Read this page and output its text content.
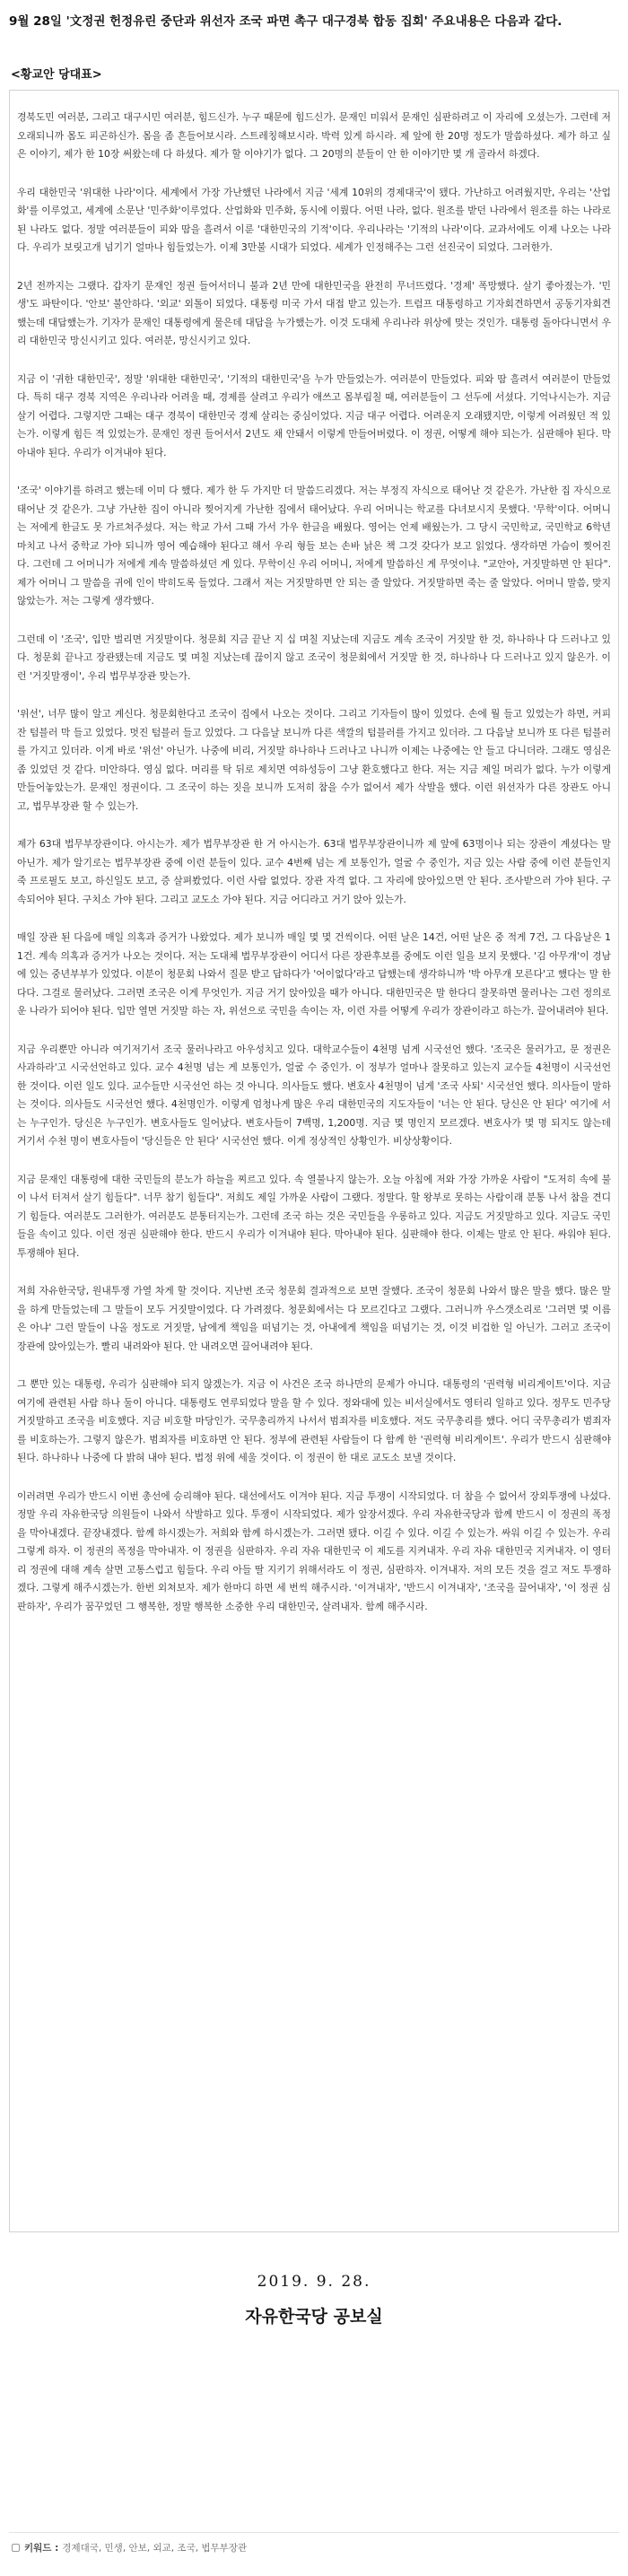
9월 28일 '文정권 헌정유린 중단과 위선자 조국 파면 촉구 대구경북 합동 집회' 주요내용은 다음과 같다.
<황교안 당대표>

경북도민 여러분, 그리고 대구시민 여러분, 힘드신가. 누구 때문에 힘드신가. 문재인 미워서 문재인 심판하려고 이 자리에 오셨는가. 그런데 저 오래되니까 몸도 피곤하신가. 몸을 좀 흔들어보시라. 스트레칭해보시라. 박력 있게 하시라. 제 앞에 한 20명 정도가 말씀하셨다. 제가 하고 싶은 이야기, 제가 한 10장 써왔는데 다 하셨다. 제가 할 이야기가 없다. 그 20명의 분들이 안 한 이야기만 몇 개 골라서 하겠다.

우리 대한민국 '위대한 나라'이다. 세계에서 가장 가난했던 나라에서 지금 '세계 10위의 경제대국'이 됐다. 가난하고 어려웠지만, 우리는 '산업화'를 이루었고, 세계에 소문난 '민주화'이루었다. 산업화와 민주화, 동시에 이뤘다. 어떤 나라, 없다. 원조를 받던 나라에서 원조를 하는 나라로 된 나라도 없다. 정말 여러분들이 피와 땀을 흘려서 이룬 '대한민국의 기적'이다. 우리나라는 '기적의 나라'이다. 교과서에도 이제 나오는 나라다. 우리가 보릿고개 넘기기 얼마나 힘들었는가. 이제 3만불 시대가 되었다. 세계가 인정해주는 그런 선진국이 되었다. 그러한가.

2년 전까지는 그랬다. 갑자기 문재인 정권 들어서더니 불과 2년 만에 대한민국을 완전히 무너뜨렸다. '경제' 폭망했다. 살기 좋아졌는가. '민생'도 파탄이다. '안보' 불안하다. '외교' 외톨이 되었다. 대통령 미국 가서 대접 받고 있는가. 트럼프 대통령하고 기자회견하면서 공동기자회견 했는데 대답했는가. 기자가 문재인 대통령에게 물은데 대답을 누가했는가. 이것 도대체 우리나라 위상에 맞는 것인가. 대통령 돌아다니면서 우리 대한민국 망신시키고 있다. 여러분, 망신시키고 있다.

지금 이 '귀한 대한민국', 정말 '위대한 대한민국', '기적의 대한민국'을 누가 만들었는가. 여러분이 만들었다. 피와 땀 흘려서 여러분이 만들었다. 특히 대구 경북 지역은 우리나라 어려울 때, 경제를 살려고 우리가 애쓰고 몸부림칠 때, 여러분들이 그 선두에 서셨다. 기억나시는가. 지금 살기 어렵다. 그렇지만 그때는 대구 경북이 대한민국 경제 살리는 중심이었다. 지금 대구 어렵다. 어려운지 오래됐지만, 이렇게 어려웠던 적 있는가. 이렇게 힘든 적 있었는가. 문재인 정권 들어서서 2년도 채 안돼서 이렇게 만들어버렸다. 이 정권, 어떻게 해야 되는가. 심판해야 된다. 막아내야 된다. 우리가 이겨내야 된다.

'조국' 이야기를 하려고 했는데 이미 다 했다. 제가 한 두 가지만 더 말씀드리겠다. 저는 부정직 자식으로 태어난 것 같은가. 가난한 집 자식으로 태어난 것 같은가. 그냥 가난한 집이 아니라 찢어지게 가난한 집에서 태어났다. 우리 어머니는 학교를 다녀보시지 못했다. '무학'이다. 어머니는 저에게 한글도 못 가르쳐주셨다. 저는 학교 가서 그때 가서 가우 한글을 배웠다. 영어는 언제 배웠는가. 그 당시 국민학교, 국민학교 6학년 마치고 나서 중학교 가야 되니까 영어 예습해야 된다고 해서 우리 형들 보는 손바 낡은 책 그것 갖다가 보고 읽었다. 생각하면 가슴이 찢어진다. 그런데 그 어머니가 저에게 계속 말씀하셨던 게 있다. 무학이신 우리 어머니, 저에게 말씀하신 게 무엇이냐. "교안아, 거짓말하면 안 된다". 제가 어머니 그 말씀을 귀에 인이 박히도록 들었다. 그래서 저는 거짓말하면 안 되는 줄 알았다. 거짓말하면 죽는 줄 알았다. 어머니 말씀, 맞지 않았는가. 저는 그렇게 생각했다.

그런데 이 '조국', 입만 벌리면 거짓말이다. 청문회 지금 끝난 지 십 며칠 지났는데 지금도 계속 조국이 거짓말 한 것, 하나하나 다 드러나고 있다. 청문회 끝나고 장관됐는데 지금도 몇 며칠 지났는데 끊이지 않고 조국이 청문회에서 거짓말 한 것, 하나하나 다 드러나고 있지 않은가. 이런 '거짓말쟁이', 우리 법무부장관 맞는가.

'위선', 너무 많이 알고 계신다. 청문회한다고 조국이 집에서 나오는 것이다. 그리고 기자들이 많이 있었다. 손에 뭘 들고 있었는가 하면, 커피 잔 텀블러 막 들고 있었다. 멋진 텀블러 들고 있었다. 그 다음날 보니까 다른 색깔의 텀블러를 가지고 있더라. 그 다음날 보니까 또 다른 텀블러를 가지고 있더라. 이게 바로 '위선' 아닌가. 나중에 비리, 거짓말 하나하나 드러나고 나니까 이제는 나중에는 안 들고 다니더라. 그래도 영심은 좀 있었던 것 같다. 미안하다. 영심 없다. 머리를 탁 뒤로 제치면 여하성등이 그냥 환호했다고 한다. 저는 지금 제일 머리가 없다. 누가 이렇게 만들어놓았는가. 문재인 정권이다. 그 조국이 하는 짓을 보니까 도저히 참을 수가 없어서 제가 삭발을 했다. 이런 위선자가 다른 장관도 아니고, 법무부장관 할 수 있는가.

제가 63대 법무부장관이다. 아시는가. 제가 법무부장관 한 거 아시는가. 63대 법무부장관이니까 제 앞에 63명이나 되는 장관이 계셨다는 말 아닌가. 제가 알기로는 법무부장관 중에 이런 분들이 있다. 교수 4번째 넘는 게 보통인가, 얼굴 수 중인가, 지금 있는 사람 중에 이런 분들인지 죽 프로필도 보고, 하신일도 보고, 증 살펴봤었다. 이런 사람 없었다. 장관 자격 없다. 그 자리에 앉아있으면 안 된다. 조사받으러 가야 된다. 구속되어야 된다. 구치소 가야 된다. 그리고 교도소 가야 된다. 지금 어디라고 거기 앉아 있는가.

매일 장관 된 다음에 매일 의혹과 증거가 나왔었다. 제가 보니까 매일 몇 몇 건씩이다. 어떤 날은 14건, 어떤 날은 중 적게 7건, 그 다음날은 11건. 계속 의혹과 증거가 나오는 것이다. 저는 도대체 법무부장관이 어디서 다른 장관후보를 중에도 이런 일을 보지 못했다. '김 아무개'이 경남에 있는 중년부부가 있었다. 이분이 청문회 나와서 질문 받고 답하다가 '어이없다'라고 답했는데 생각하니까 '박 아무개 모른다'고 했다는 말 한다다. 그걸로 물러났다. 그러면 조국은 이게 무엇인가. 지금 거기 앉아있을 때가 아니다. 대한민국은 말 한다디 잘못하면 물러나는 그런 정의로운 나라가 되어야 된다. 입만 열면 거짓말 하는 자, 위선으로 국민을 속이는 자, 이런 자를 어떻게 우리가 장관이라고 하는가. 끌어내려야 된다.

지금 우리뿐만 아니라 여기저기서 조국 물러나라고 아우성치고 있다. 대학교수들이 4천명 넘게 시국선언 했다. '조국은 물러가고, 문 정권은 사과하라'고 시국선언하고 있다. 교수 4천명 넘는 게 보통인가, 얼굴 수 중인가. 이 정부가 얼마나 잘못하고 있는지 교수들 4천명이 시국선언 한 것이다. 이런 일도 있다. 교수들만 시국선언 하는 것 아니다. 의사들도 했다. 변호사 4천명이 넘게 '조국 사퇴' 시국선언 했다. 의사들이 말하는 것이다. 의사들도 시국선언 했다. 4천명인가. 이렇게 엄청나게 많은 우리 대한민국의 지도자들이 '너는 안 된다. 당신은 안 된다' 여기에 서는 누구인가. 당신은 누구인가. 변호사들도 일어났다. 변호사들이 7백명, 1,200명. 지금 몇 명인지 모르겠다. 변호사가 몇 명 되지도 않는데 거기서 수천 명이 변호사들이 '당신들은 안 된다' 시국선언 했다. 이게 정상적인 상황인가. 비상상황이다.

지금 문재인 대통령에 대한 국민들의 분노가 하늘을 찌르고 있다. 속 열불나지 않는가. 오늘 아침에 저와 가장 가까운 사람이 "도저히 속에 불이 나서 터져서 살기 힘들다". 너무 참기 힘들다". 저희도 제일 가까운 사람이 그랬다. 정말다. 할 왕부로 못하는 사람이래 분통 나서 참을 견디기 힘들다. 여러분도 그러한가. 여러분도 분통터지는가. 그런데 조국 하는 것은 국민들을 우롱하고 있다. 지금도 거짓말하고 있다. 지금도 국민들을 속이고 있다. 이런 정권 심판해야 한다. 반드시 우리가 이겨내야 된다. 막아내야 된다. 심판해야 한다. 이제는 말로 안 된다. 싸워야 된다. 투쟁해야 된다.

저희 자유한국당, 원내투쟁 가열 차게 할 것이다. 지난번 조국 청문회 결과적으로 보면 잘했다. 조국이 청문회 나와서 많은 말을 했다. 많은 말을 하게 만들었는데 그 말들이 모두 거짓말이었다. 다 가려졌다. 청문회에서는 다 모르긴다고 그랬다. 그러니까 우스갯소리로 '그러면 몇 이름은 아냐' 그런 말들이 나올 정도로 거짓말, 남에게 책임을 떠넘기는 것, 아내에게 책임을 떠넘기는 것, 이것 비겁한 일 아닌가. 그러고 조국이 장관에 앉아있는가. 빨리 내려와야 된다. 안 내려오면 끌어내려야 된다.

그 뿐만 있는 대통령, 우리가 심판해야 되지 않겠는가. 지금 이 사건은 조국 하나만의 문제가 아니다. 대통령의 '권력형 비리게이트'이다. 지금 여기에 관련된 사람 하나 둘이 아니다. 대통령도 연루되었다 말을 할 수 있다. 정와대에 있는 비서실에서도 영터리 일하고 있다. 정무도 민주당 거짓말하고 조국을 비호했다. 지금 비호할 마당인가. 국무총리까지 나서서 범죄자를 비호했다. 저도 국무총리를 했다. 어디 국무총리가 범죄자를 비호하는가. 그렇지 않은가. 범죄자를 비호하면 안 된다. 정부에 관련된 사람들이 다 함께 한 '권력형 비리게이트'. 우리가 반드시 심판해야 된다. 하나하나 나중에 다 밝혀 내야 된다. 법정 위에 세울 것이다. 이 정권이 한 대로 교도소 보낼 것이다.

이러려면 우리가 반드시 이번 총선에 승리해야 된다. 대선에서도 이겨야 된다. 지금 투쟁이 시작되었다. 더 참을 수 없어서 장외투쟁에 나섰다. 정말 우리 자유한국당 의원들이 나와서 삭발하고 있다. 투쟁이 시작되었다. 제가 앞장서겠다. 우리 자유한국당과 함께 반드시 이 정권의 폭정을 막아내겠다. 끝장내겠다. 함께 하시겠는가. 저희와 함께 하시겠는가. 그러면 됐다. 이길 수 있다. 이길 수 있는가. 싸워 이길 수 있는가. 우리 그렇게 하자. 이 정권의 폭정을 막아내자. 이 정권을 심판하자. 우리 자유 대한민국 이 제도를 지켜내자. 우리 자유 대한민국 지켜내자. 이 영터리 정권에 대해 계속 살면 고통스럽고 힘들다. 우리 아들 딸 지키기 위해서라도 이 정권, 심판하자. 이겨내자. 저의 모든 것을 걸고 저도 투쟁하겠다. 그렇게 해주시겠는가. 한번 외쳐보자. 제가 한마디 하면 세 번씩 해주시라. '이겨내자', '반드시 이겨내자', '조국을 끌어내자', '이 정권 심판하자', 우리가 꿈꾸었던 그 행복한, 정말 행복한 소중한 우리 대한민국, 살려내자. 함께 해주시라.

2019. 9. 28.
자유한국당 공보실
키워드 : 경제대국, 민생, 안보, 외교, 조국, 법무부장관
